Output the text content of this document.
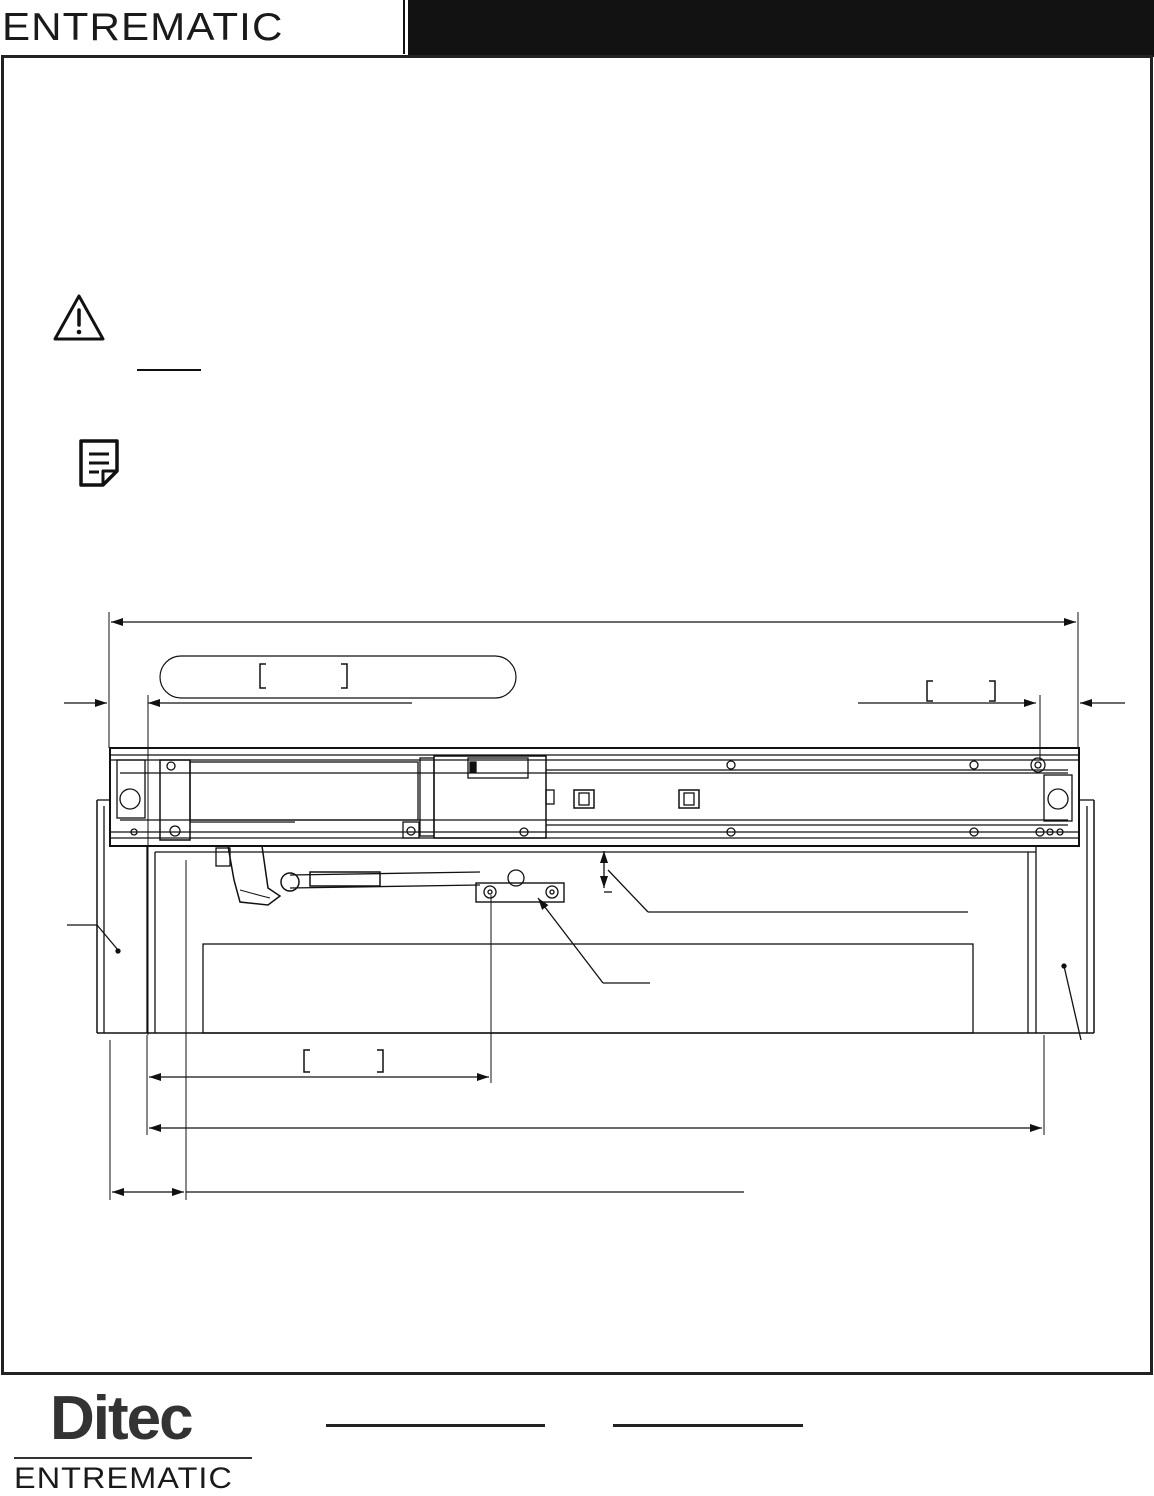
ENTREMATIC
Ditec
ENTREMATIC
